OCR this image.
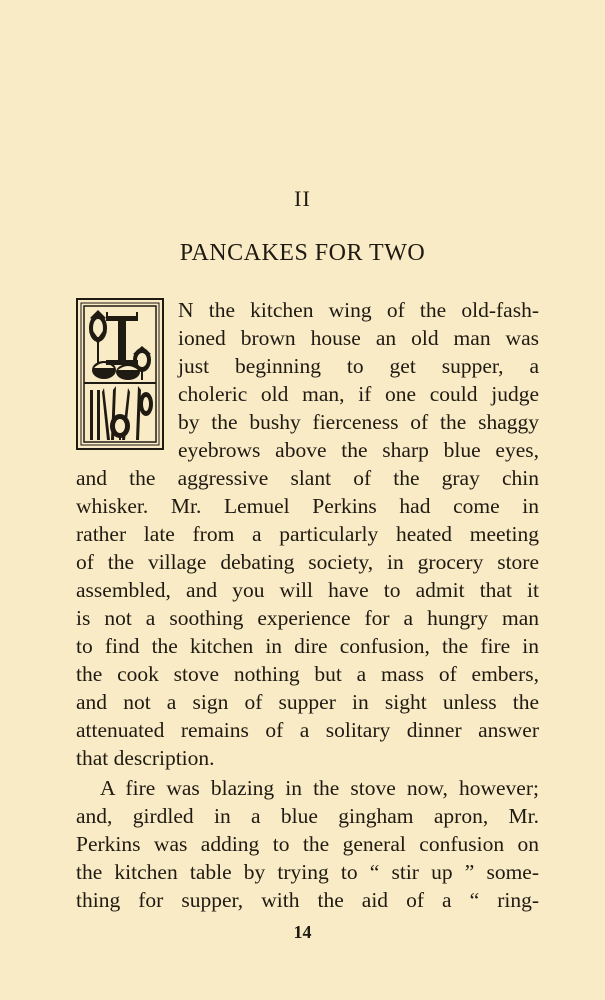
II
PANCAKES FOR TWO
N the kitchen wing of the old-fash-
ioned brown house an old man was
just beginning to get supper, a
choleric old man, if one could judge
by the bushy fierceness of the shaggy
eyebrows above the sharp blue eyes,
and the aggressive slant of the gray chin
whisker. Mr. Lemuel Perkins had come in
rather late from a particularly heated meeting
of the village debating society, in grocery store
assembled, and you will have to admit that it
is not a soothing experience for a hungry man
to find the kitchen in dire confusion, the fire in
the cook stove nothing but a mass of embers,
and not a sign of supper in sight unless the
attenuated remains of a solitary dinner answer
that description.
A fire was blazing in the stove now, however;
and, girdled in a blue gingham apron, Mr.
Perkins was adding to the general confusion on
the kitchen table by trying to “ stir up ” some-
thing for supper, with the aid of a “ ring-
14
